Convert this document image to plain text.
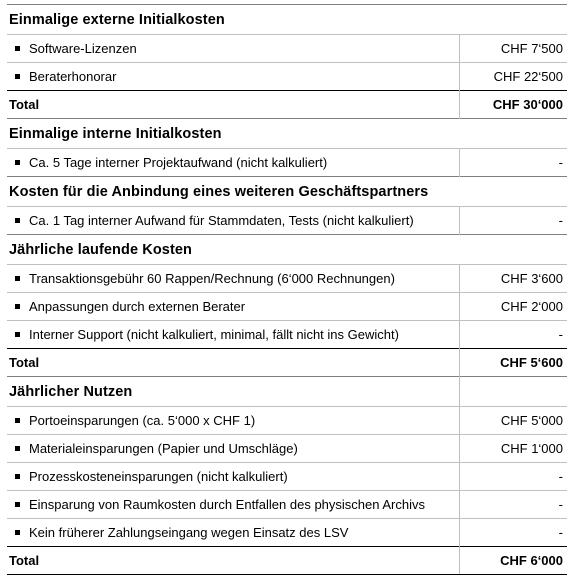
Einmalige externe Initialkosten	
Software-Lizenzen	CHF 7‘500
Beraterhonorar	CHF 22‘500
Total	CHF 30‘000
Einmalige interne Initialkosten	
Ca. 5 Tage interner Projektaufwand (nicht kalkuliert)	-
Kosten für die Anbindung eines weiteren Geschäftspartners	
Ca. 1 Tag interner Aufwand für Stammdaten, Tests (nicht kalkuliert)	-
Jährliche laufende Kosten	
Transaktionsgebühr 60 Rappen/Rechnung (6‘000 Rechnungen)	CHF 3‘600
Anpassungen durch externen Berater	CHF 2‘000
Interner Support (nicht kalkuliert, minimal, fällt nicht ins Gewicht)	-
Total	CHF 5‘600
Jährlicher Nutzen	
Portoeinsparungen (ca. 5‘000 x CHF 1)	CHF 5‘000
Materialeinsparungen (Papier und Umschläge)	CHF 1‘000
Prozesskosteneinsparungen (nicht kalkuliert)	-
Einsparung von Raumkosten durch Entfallen des physischen Archivs	-
Kein früherer Zahlungseingang wegen Einsatz des LSV	-
Total	CHF 6‘000
